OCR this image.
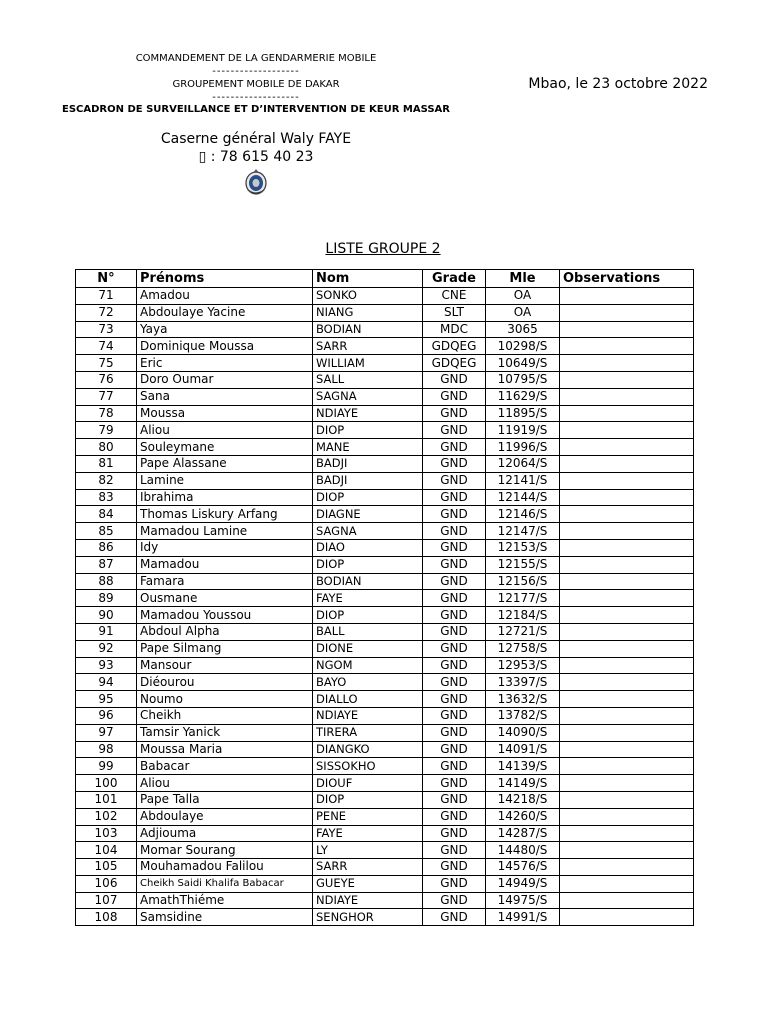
COMMANDEMENT DE LA GENDARMERIE MOBILE
-------------------
GROUPEMENT MOBILE DE DAKAR
-------------------
ESCADRON DE SURVEILLANCE ET D’INTERVENTION DE KEUR MASSAR
Mbao, le 23 octobre 2022
Caserne général Waly FAYE
▯ : 78 615 40 23
LISTE GROUPE 2
N°	Prénoms	Nom	Grade	Mle	Observations
71	Amadou	SONKO	CNE	OA	
72	Abdoulaye Yacine	NIANG	SLT	OA	
73	Yaya	BODIAN	MDC	3065	
74	Dominique Moussa	SARR	GDQEG	10298/S	
75	Eric	WILLIAM	GDQEG	10649/S	
76	Doro Oumar	SALL	GND	10795/S	
77	Sana	SAGNA	GND	11629/S	
78	Moussa	NDIAYE	GND	11895/S	
79	Aliou	DIOP	GND	11919/S	
80	Souleymane	MANE	GND	11996/S	
81	Pape Alassane	BADJI	GND	12064/S	
82	Lamine	BADJI	GND	12141/S	
83	Ibrahima	DIOP	GND	12144/S	
84	Thomas Liskury Arfang	DIAGNE	GND	12146/S	
85	Mamadou Lamine	SAGNA	GND	12147/S	
86	Idy	DIAO	GND	12153/S	
87	Mamadou	DIOP	GND	12155/S	
88	Famara	BODIAN	GND	12156/S	
89	Ousmane	FAYE	GND	12177/S	
90	Mamadou Youssou	DIOP	GND	12184/S	
91	Abdoul Alpha	BALL	GND	12721/S	
92	Pape Silmang	DIONE	GND	12758/S	
93	Mansour	NGOM	GND	12953/S	
94	Diéourou	BAYO	GND	13397/S	
95	Noumo	DIALLO	GND	13632/S	
96	Cheikh	NDIAYE	GND	13782/S	
97	Tamsir Yanick	TIRERA	GND	14090/S	
98	Moussa Maria	DIANGKO	GND	14091/S	
99	Babacar	SISSOKHO	GND	14139/S	
100	Aliou	DIOUF	GND	14149/S	
101	Pape Talla	DIOP	GND	14218/S	
102	Abdoulaye	PENE	GND	14260/S	
103	Adjiouma	FAYE	GND	14287/S	
104	Momar Sourang	LY	GND	14480/S	
105	Mouhamadou Falilou	SARR	GND	14576/S	
106	Cheikh Saidi Khalifa Babacar	GUEYE	GND	14949/S	
107	AmathThiéme	NDIAYE	GND	14975/S	
108	Samsidine	SENGHOR	GND	14991/S	
